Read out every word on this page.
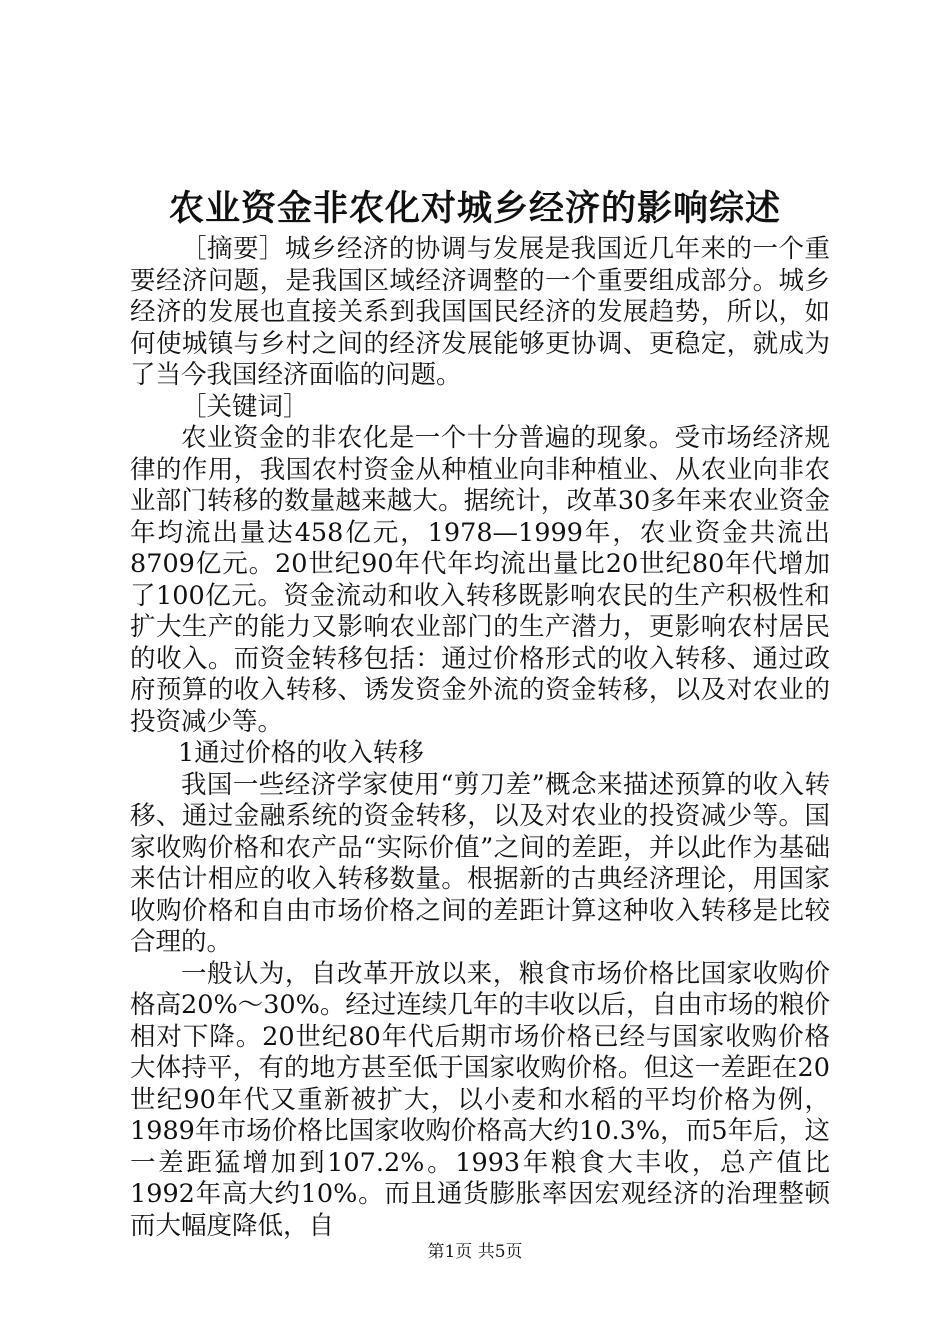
农业资金非农化对城乡经济的影响综述

［摘要］城乡经济的协调与发展是我国近几年来的一个重要经济问题，是我国区域经济调整的一个重要组成部分。城乡经济的发展也直接关系到我国国民经济的发展趋势，所以，如何使城镇与乡村之间的经济发展能够更协调、更稳定，就成为了当今我国经济面临的问题。

［关键词］

农业资金的非农化是一个十分普遍的现象。受市场经济规律的作用，我国农村资金从种植业向非种植业、从农业向非农业部门转移的数量越来越大。据统计，改革30多年来农业资金年均流出量达458亿元，1978—1999年，农业资金共流出8709亿元。20世纪90年代年均流出量比20世纪80年代增加了100亿元。资金流动和收入转移既影响农民的生产积极性和扩大生产的能力又影响农业部门的生产潜力，更影响农村居民的收入。而资金转移包括：通过价格形式的收入转移、通过政府预算的收入转移、诱发资金外流的资金转移，以及对农业的投资减少等。

1通过价格的收入转移

我国一些经济学家使用“剪刀差”概念来描述预算的收入转移、通过金融系统的资金转移，以及对农业的投资减少等。国家收购价格和农产品“实际价值”之间的差距，并以此作为基础来估计相应的收入转移数量。根据新的古典经济理论，用国家收购价格和自由市场价格之间的差距计算这种收入转移是比较合理的。

一般认为，自改革开放以来，粮食市场价格比国家收购价格高20%～30%。经过连续几年的丰收以后，自由市场的粮价相对下降。20世纪80年代后期市场价格已经与国家收购价格大体持平，有的地方甚至低于国家收购价格。但这一差距在20世纪90年代又重新被扩大，以小麦和水稻的平均价格为例，1989年市场价格比国家收购价格高大约10.3%，而5年后，这一差距猛增加到107.2%。1993年粮食大丰收，总产值比1992年高大约10%。而且通货膨胀率因宏观经济的治理整顿而大幅度降低，自

第1页 共5页
